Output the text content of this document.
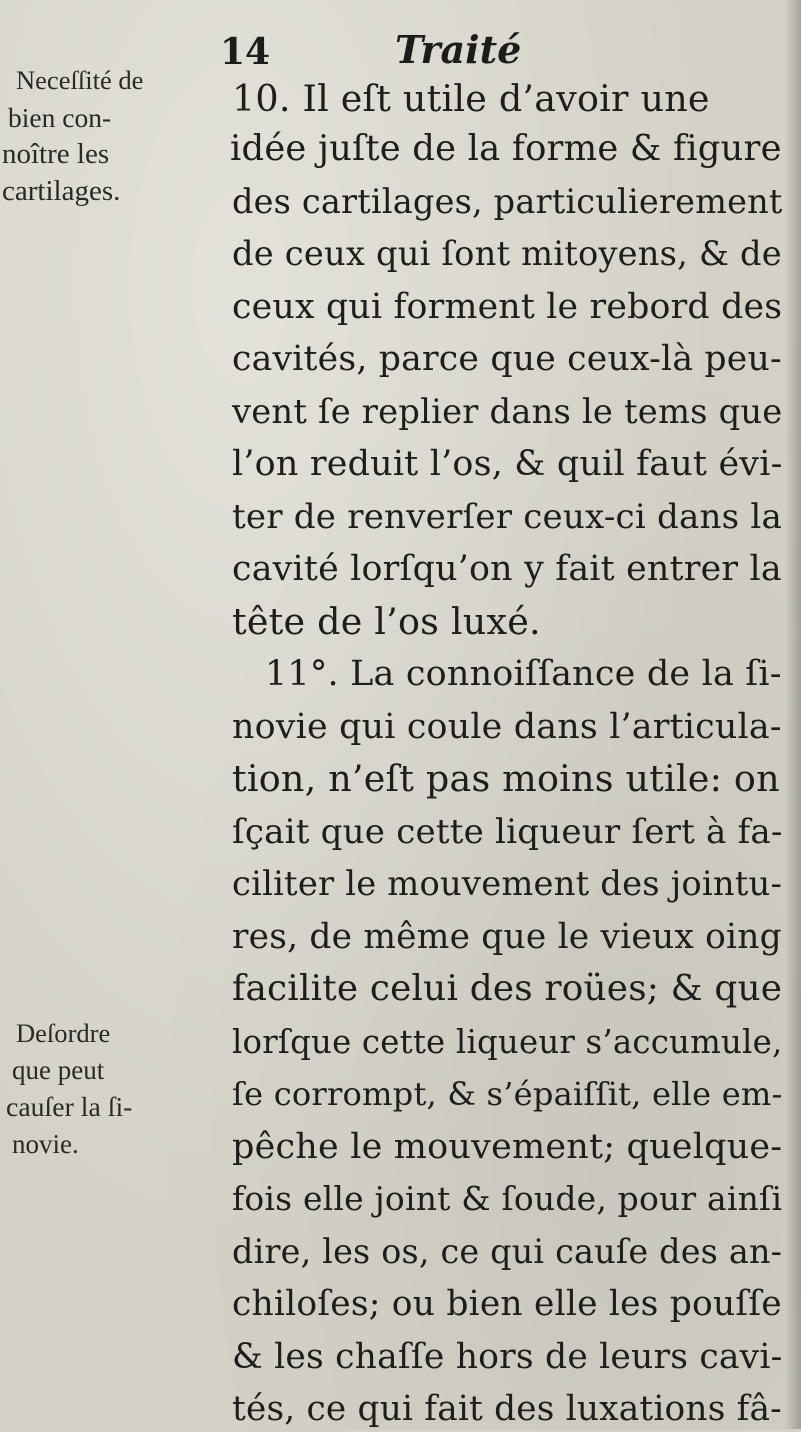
14	Traité
Neceſſité de
bien con-
noître les
cartilages.
Deſordre
que peut
cauſer la ſi-
novie.
10. Il eſt utile d’avoir une
idée juſte de la forme & figure
des cartilages, particulierement
de ceux qui ſont mitoyens, & de
ceux qui forment le rebord des
cavités, parce que ceux-là peu-
vent ſe replier dans le tems que
l’on reduit l’os, & quil faut évi-
ter de renverſer ceux-ci dans la
cavité lorſqu’on y fait entrer la
tête de l’os luxé.
11°. La connoiſſance de la ſi-
novie qui coule dans l’articula-
tion, n’eſt pas moins utile: on
ſçait que cette liqueur ſert à fa-
ciliter le mouvement des jointu-
res, de même que le vieux oing
facilite celui des roües; & que
lorſque cette liqueur s’accumule,
ſe corrompt, & s’épaiſſit, elle em-
pêche le mouvement; quelque-
fois elle joint & ſoude, pour ainſi
dire, les os, ce qui cauſe des an-
chiloſes; ou bien elle les pouſſe
& les chaſſe hors de leurs cavi-
tés, ce qui fait des luxations fâ-
